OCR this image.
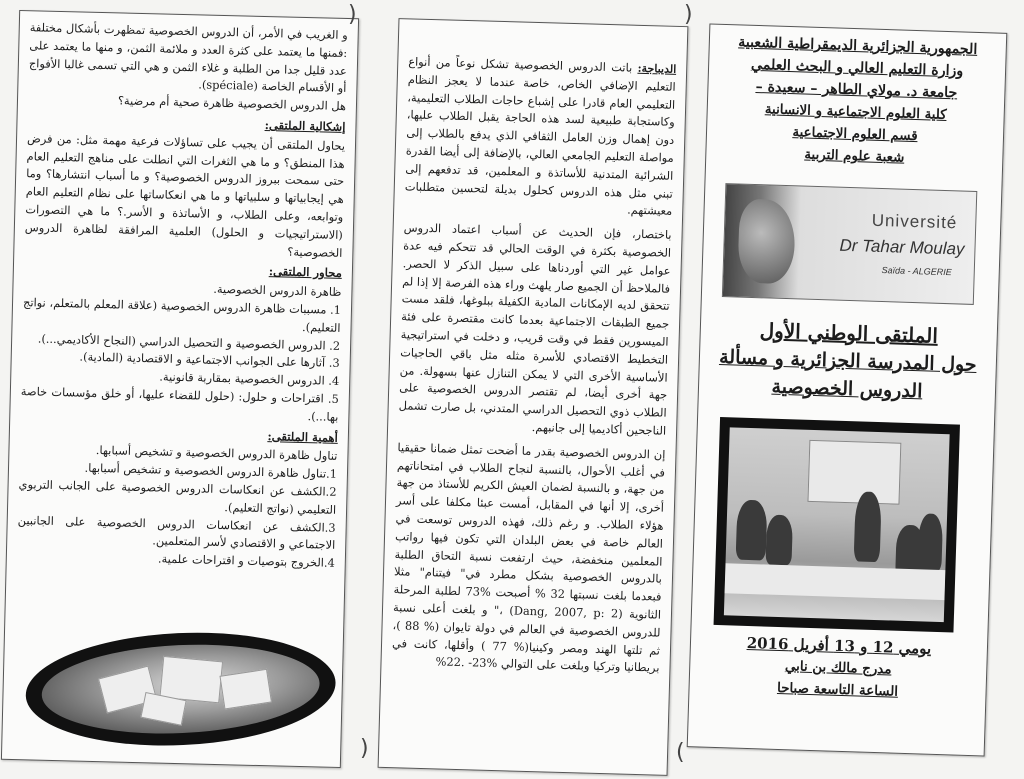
و الغريب في الأمر، أن الدروس الخصوصية تمظهرت بأشكال مختلفة :فمنها ما يعتمد على كثرة العدد و ملائمة الثمن، و منها ما يعتمد على عدد قليل جدا من الطلبة و غلاء الثمن و هي التي تسمى غالبا الأفواج أو الأقسام الخاصة (spéciale).

هل الدروس الخصوصية ظاهرة صحية أم مرضية؟

إشكالية الملتقى:

يحاول الملتقى أن يجيب على تساؤلات فرعية مهمة مثل: من فرض هذا المنطق؟ و ما هي الثغرات التي انطلت على مناهج التعليم العام حتى سمحت ببروز الدروس الخصوصية؟ و ما أسباب انتشارها؟ وما هي إيجابياتها و سلبياتها و ما هي انعكاساتها على نظام التعليم العام وتوابعه، وعلى الطلاب، و الأساتذة و الأسر.؟ ما هي التصورات (الاستراتيجيات و الحلول) العلمية المرافقة لظاهرة الدروس الخصوصية؟

محاور الملتقى:

ظاهرة الدروس الخصوصية.

1. مسببات ظاهرة الدروس الخصوصية (علاقة المعلم بالمتعلم، نواتج التعليم).
2. الدروس الخصوصية و التحصيل الدراسي (النجاح الأكاديمي...).
3. آثارها على الجوانب الاجتماعية و الاقتصادية (المادية).
4. الدروس الخصوصية بمقاربة قانونية.
5. اقتراحات و حلول: (حلول للقضاء عليها، أو خلق مؤسسات خاصة بها...).
أهمية الملتقى:

تناول ظاهرة الدروس الخصوصية و تشخيص أسبابها.

1.تناول ظاهرة الدروس الخصوصية و تشخيص أسبابها.
2.الكشف عن انعكاسات الدروس الخصوصية على الجانب التربوي التعليمي (نواتج التعليم).
3.الكشف عن انعكاسات الدروس الخصوصية على الجانبين الاجتماعي و الاقتصادي لأسر المتعلمين.
4.الخروج بتوصيات و اقتراحات علمية.

الديباجة: باتت الدروس الخصوصية تشكل نوعاً من أنواع التعليم الإضافي الخاص، خاصة عندما لا يعجز النظام التعليمي العام قادرا على إشباع حاجات الطلاب التعليمية، وكاستجابة طبيعية لسد هذه الحاجة يقبل الطلاب عليها، دون إهمال وزن العامل الثقافي الذي يدفع بالطلاب إلى مواصلة التعليم الجامعي العالي، بالإضافة إلى أيضا القدرة الشرائية المتدنية للأساتذة و المعلمين، قد تدفعهم إلى تبني مثل هذه الدروس كحلول بديلة لتحسين متطلبات معيشتهم.

باختصار، فإن الحديث عن أسباب اعتماد الدروس الخصوصية بكثرة في الوقت الحالي قد تتحكم فيه عدة عوامل غير التي أوردناها على سبيل الذكر لا الحصر. فالملاحظ أن الجميع صار يلهث وراء هذه الفرصة إلا إذا لم تتحقق لديه الإمكانات المادية الكفيلة ببلوغها، فلقد مست جميع الطبقات الاجتماعية بعدما كانت مقتصرة على فئة الميسورين فقط في وقت قريب، و دخلت في استراتيجية التخطيط الاقتصادي للأسرة مثله مثل باقي الحاجيات الأساسية الأخرى التي لا يمكن التنازل عنها بسهولة. من جهة أخرى أيضا، لم تقتصر الدروس الخصوصية على الطلاب ذوي التحصيل الدراسي المتدني، بل صارت تشمل الناجحين أكاديميا إلى جانبهم.

إن الدروس الخصوصية بقدر ما أضحت تمثل ضمانا حقيقيا في أغلب الأحوال، بالنسبة لنجاح الطلاب في امتحاناتهم من جهة، و بالنسبة لضمان العيش الكريم للأستاذ من جهة أخرى، إلا أنها في المقابل، أمست عبئا مكلفا على أسر هؤلاء الطلاب. و رغم ذلك، فهذه الدروس توسعت في العالم خاصة في بعض البلدان التي تكون فيها رواتب المعلمين منخفضة، حيث ارتفعت نسبة التحاق الطلبة بالدروس الخصوصية بشكل مطرد في" فيتنام" مثلا فبعدما بلغت نسبتها 32 % أصبحت %73 لطلبة المرحلة الثانوية (Dang, 2007, p: 2) ،" و بلغت أعلى نسبة للدروس الخصوصية في العالم في دولة تايوان (% 88 )، ثم تلتها الهند ومصر وكينيا(% 77 ) وأقلها، كانت في بريطانيا وتركيا وبلغت على التوالي %23- .22%

الجمهورية الجزائرية الديمقراطية الشعبية
وزارة التعليم العالي و البحث العلمي
جامعة د. مولاي الطاهر – سعيدة –
كلية العلوم الاجتماعية و الانسانية
قسم العلوم الاجتماعية
شعبة علوم التربية
Université
Dr Tahar Moulay
Saïda - ALGERIE
الملتقى الوطني الأول
حول المدرسة الجزائرية و مسألة
الدروس الخصوصية
يومي 12 و 13 أفريل 2016
مدرج مالك بن نابي
الساعة التاسعة صباحا
)	)
)	(
